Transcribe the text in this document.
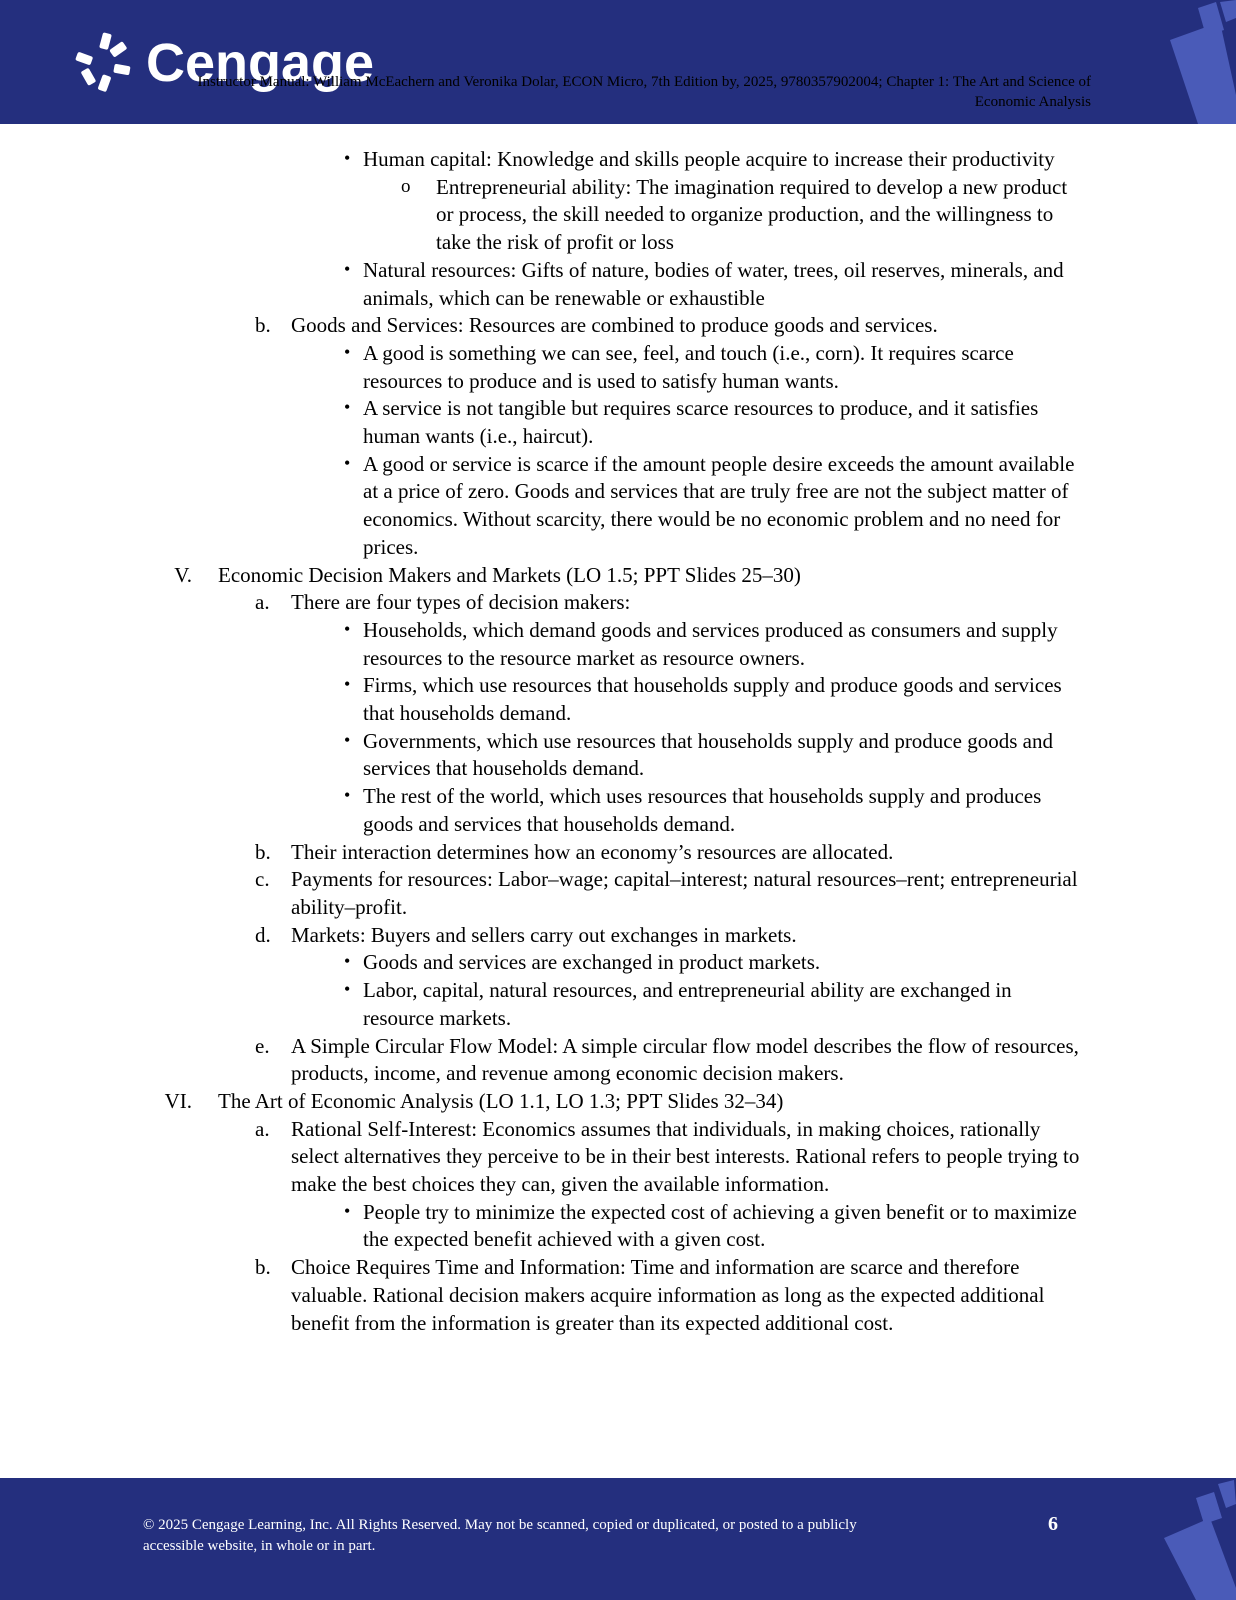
Cengage
Instructor Manual: William McEachern and Veronika Dolar, ECON Micro, 7th Edition by, 2025, 9780357902004; Chapter 1: The Art and Science of Economic Analysis
• Human capital: Knowledge and skills people acquire to increase their productivity
o Entrepreneurial ability: The imagination required to develop a new product or process, the skill needed to organize production, and the willingness to take the risk of profit or loss
• Natural resources: Gifts of nature, bodies of water, trees, oil reserves, minerals, and animals, which can be renewable or exhaustible
b. Goods and Services: Resources are combined to produce goods and services.
• A good is something we can see, feel, and touch (i.e., corn). It requires scarce resources to produce and is used to satisfy human wants.
• A service is not tangible but requires scarce resources to produce, and it satisfies human wants (i.e., haircut).
• A good or service is scarce if the amount people desire exceeds the amount available at a price of zero. Goods and services that are truly free are not the subject matter of economics. Without scarcity, there would be no economic problem and no need for prices.
V. Economic Decision Makers and Markets (LO 1.5; PPT Slides 25–30)
a. There are four types of decision makers:
• Households, which demand goods and services produced as consumers and supply resources to the resource market as resource owners.
• Firms, which use resources that households supply and produce goods and services that households demand.
• Governments, which use resources that households supply and produce goods and services that households demand.
• The rest of the world, which uses resources that households supply and produces goods and services that households demand.
b. Their interaction determines how an economy’s resources are allocated.
c. Payments for resources: Labor–wage; capital–interest; natural resources–rent; entrepreneurial ability–profit.
d. Markets: Buyers and sellers carry out exchanges in markets.
• Goods and services are exchanged in product markets.
• Labor, capital, natural resources, and entrepreneurial ability are exchanged in resource markets.
e. A Simple Circular Flow Model: A simple circular flow model describes the flow of resources, products, income, and revenue among economic decision makers.
VI. The Art of Economic Analysis (LO 1.1, LO 1.3; PPT Slides 32–34)
a. Rational Self-Interest: Economics assumes that individuals, in making choices, rationally select alternatives they perceive to be in their best interests. Rational refers to people trying to make the best choices they can, given the available information.
• People try to minimize the expected cost of achieving a given benefit or to maximize the expected benefit achieved with a given cost.
b. Choice Requires Time and Information: Time and information are scarce and therefore valuable. Rational decision makers acquire information as long as the expected additional benefit from the information is greater than its expected additional cost.
© 2025 Cengage Learning, Inc. All Rights Reserved. May not be scanned, copied or duplicated, or posted to a publicly accessible website, in whole or in part.
6
